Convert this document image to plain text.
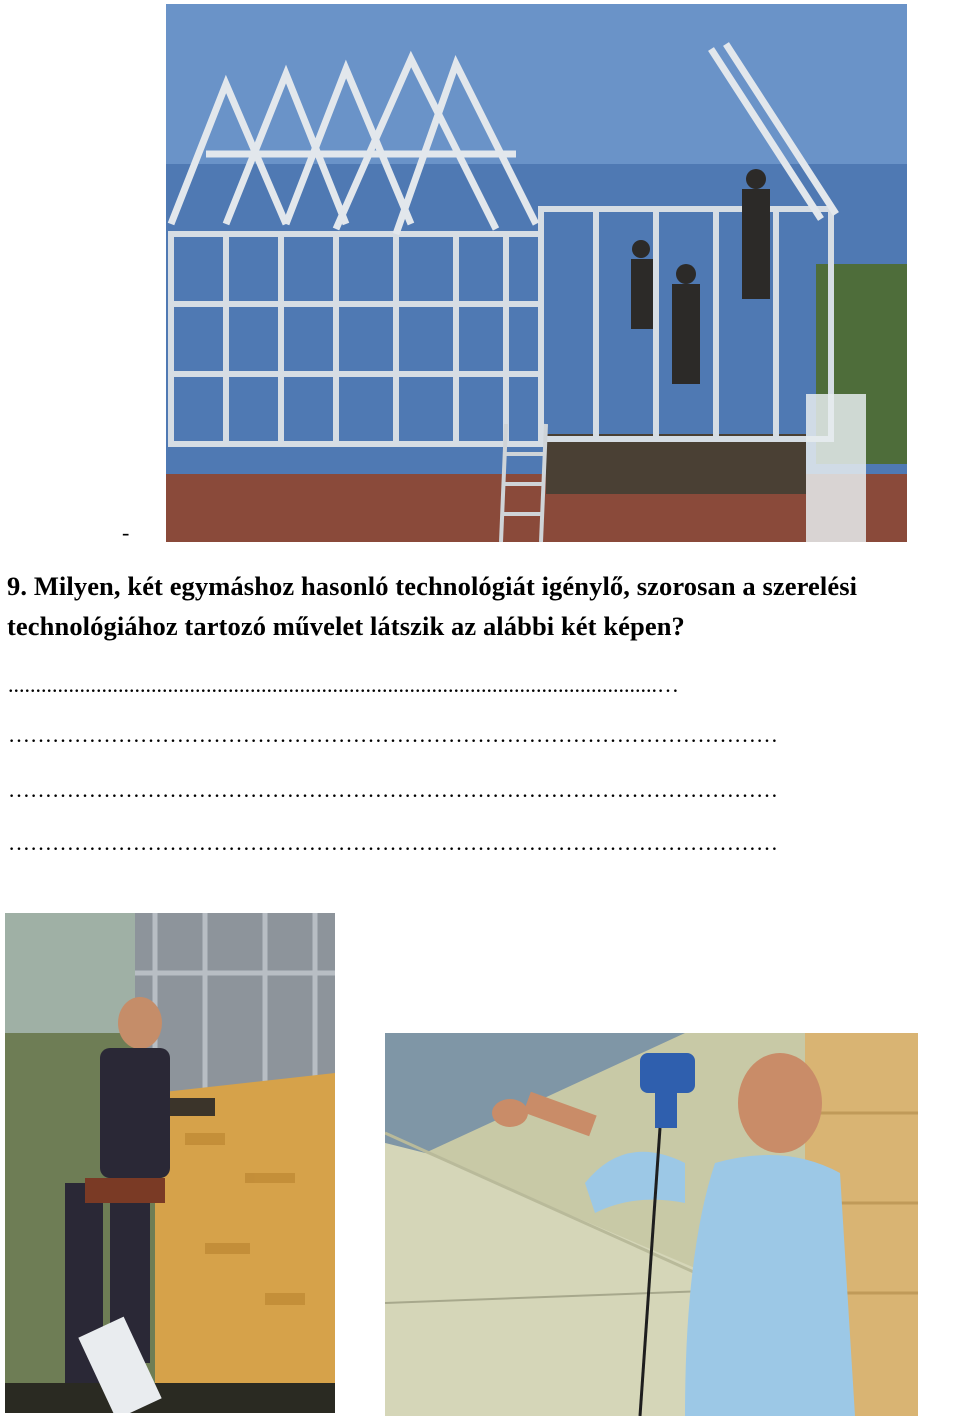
-
9. Milyen, két egymáshoz hasonló technológiát igénylő, szorosan a szerelési
technológiához tartozó művelet látszik az alábbi két képen?
......................................................................................................................…
……………………………………………………………………………………………
……………………………………………………………………………………………
……………………………………………………………………………………………
